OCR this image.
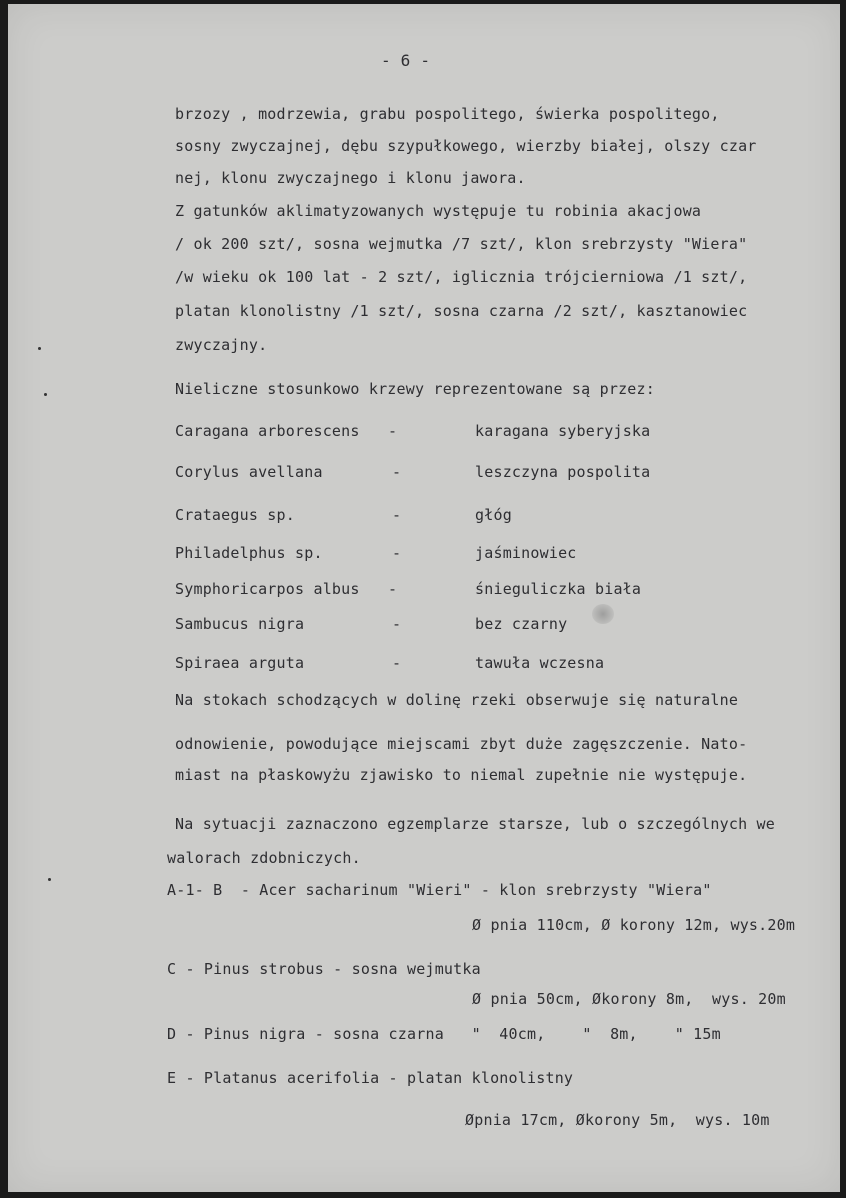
- 6 -
brzozy , modrzewia, grabu pospolitego, świerka pospolitego,
sosny zwyczajnej, dębu szypułkowego, wierzby białej, olszy czar
nej, klonu zwyczajnego i klonu jawora.
Z gatunków aklimatyzowanych występuje tu robinia akacjowa
/ ok 200 szt/, sosna wejmutka /7 szt/, klon srebrzysty "Wiera"
/w wieku ok 100 lat - 2 szt/, iglicznia trójcierniowa /1 szt/,
platan klonolistny /1 szt/, sosna czarna /2 szt/, kasztanowiec
zwyczajny.
Nieliczne stosunkowo krzewy reprezentowane są przez:
Caragana arborescens -	karagana syberyjska
Corylus avellana	-	leszczyna pospolita
Crataegus sp.	-	głóg
Philadelphus sp.	-	jaśminowiec
Symphoricarpos albus -	śnieguliczka biała
Sambucus nigra	-	bez czarny
Spiraea arguta	-	tawuła wczesna
Na stokach schodzących w dolinę rzeki obserwuje się naturalne
odnowienie, powodujące miejscami zbyt duże zagęszczenie. Nato-
miast na płaskowyżu zjawisko to niemal zupełnie nie występuje.
Na sytuacji zaznaczono egzemplarze starsze, lub o szczególnych we
walorach zdobniczych.
A-1- B  - Acer sacharinum "Wieri" - klon srebrzysty "Wiera"
Ø pnia 110cm, Ø korony 12m, wys.20m
C - Pinus strobus - sosna wejmutka
Ø pnia 50cm, Økorony 8m,  wys. 20m
D - Pinus nigra - sosna czarna   "  40cm,    "  8m,    " 15m
E - Platanus acerifolia - platan klonolistny
Øpnia 17cm, Økorony 5m,  wys. 10m
